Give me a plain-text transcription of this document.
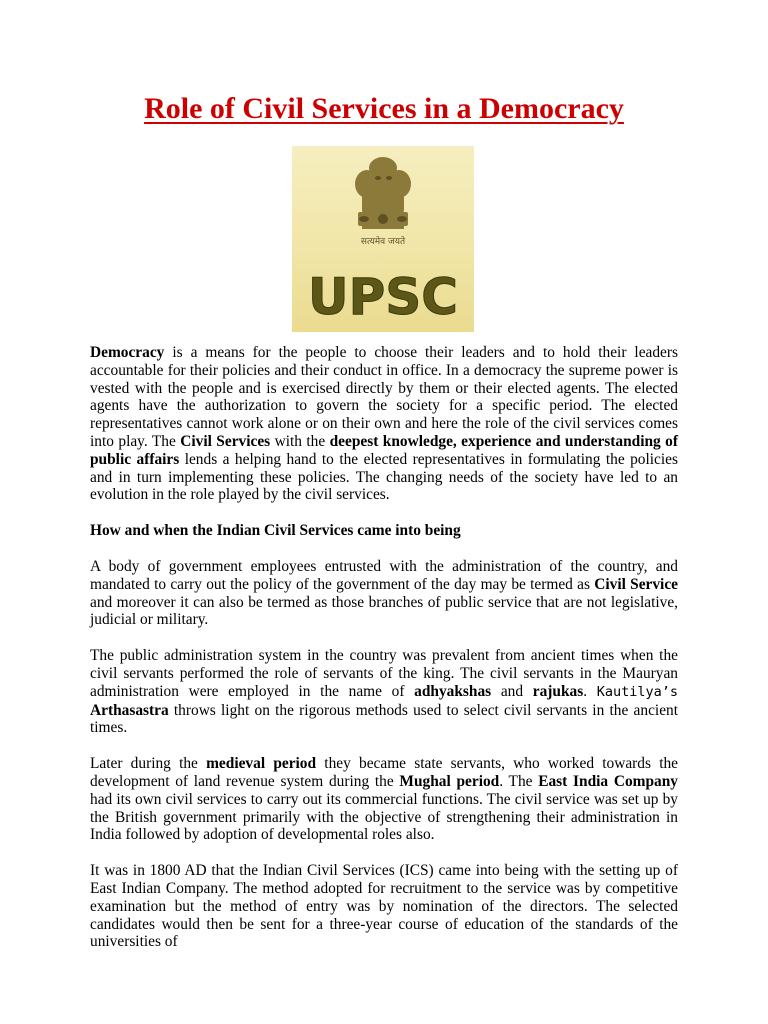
Role of Civil Services in a Democracy
सत्यमेव जयते
UPSC

Democracy is a means for the people to choose their leaders and to hold their leaders accountable for their policies and their conduct in office. In a democracy the supreme power is vested with the people and is exercised directly by them or their elected agents. The elected agents have the authorization to govern the society for a specific period. The elected representatives cannot work alone or on their own and here the role of the civil services comes into play. The Civil Services with the deepest knowledge, experience and understanding of public affairs lends a helping hand to the elected representatives in formulating the policies and in turn implementing these policies. The changing needs of the society have led to an evolution in the role played by the civil services.

How and when the Indian Civil Services came into being

A body of government employees entrusted with the administration of the country, and mandated to carry out the policy of the government of the day may be termed as Civil Service and moreover it can also be termed as those branches of public service that are not legislative, judicial or military.

The public administration system in the country was prevalent from ancient times when the civil servants performed the role of servants of the king. The civil servants in the Mauryan administration were employed in the name of adhyakshas and rajukas. Kautilya’s Arthasastra throws light on the rigorous methods used to select civil servants in the ancient times.

Later during the medieval period they became state servants, who worked towards the development of land revenue system during the Mughal period. The East India Company had its own civil services to carry out its commercial functions. The civil service was set up by the British government primarily with the objective of strengthening their administration in India followed by adoption of developmental roles also.

It was in 1800 AD that the Indian Civil Services (ICS) came into being with the setting up of East Indian Company. The method adopted for recruitment to the service was by competitive examination but the method of entry was by nomination of the directors. The selected candidates would then be sent for a three-year course of education of the standards of the universities of
